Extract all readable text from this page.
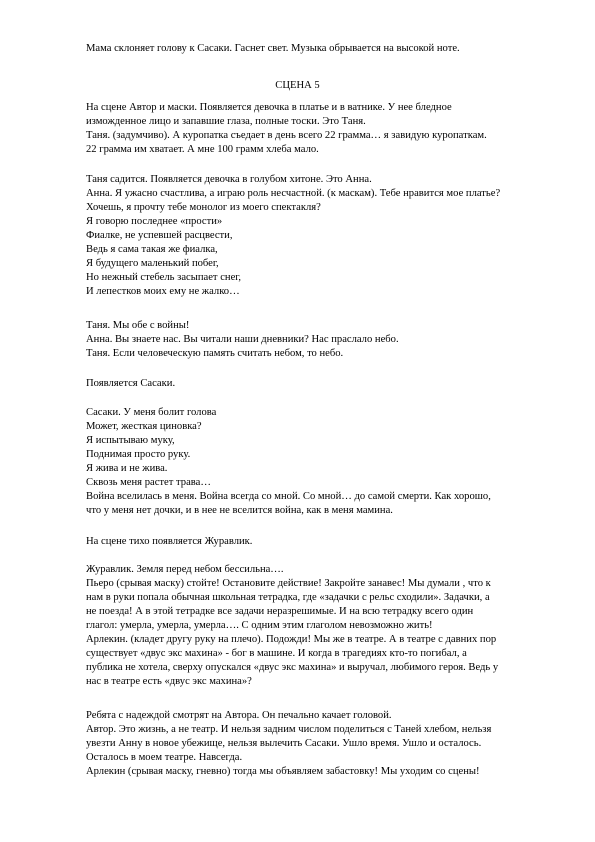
Мама склоняет голову к Сасаки. Гаснет свет. Музыка обрывается на высокой ноте.
СЦЕНА 5
На сцене Автор и маски. Появляется девочка в платье и в ватнике. У нее бледное
изможденное лицо и запавшие глаза, полные тоски. Это Таня.
Таня. (задумчиво). А куропатка съедает в день всего 22 грамма… я завидую куропаткам.
22 грамма им хватает. А мне 100 грамм хлеба мало.
Таня садится. Появляется девочка в голубом хитоне. Это Анна.
Анна. Я ужасно счастлива, а играю роль несчастной. (к маскам). Тебе нравится мое платье?
Хочешь, я прочту тебе монолог из моего спектакля?
Я говорю последнее «прости»
Фиалке, не успевшей расцвести,
Ведь я сама такая же фиалка,
Я будущего маленький побег,
Но нежный стебель засыпает снег,
И лепестков моих ему не жалко…
Таня. Мы обе с войны!
Анна. Вы знаете нас. Вы читали наши дневники? Нас праслало небо.
Таня. Если человеческую память считать небом, то небо.
Появляется Сасаки.
Сасаки. У меня болит голова
Может, жесткая циновка?
Я испытываю муку,
Поднимая просто руку.
Я жива и не жива.
Сквозь меня растет трава…
Война вселилась в меня. Война всегда со мной. Со мной… до самой смерти. Как хорошо,
что у меня нет дочки, и в нее не вселится война, как в меня мамина.
На сцене тихо появляется Журавлик.
Журавлик. Земля перед небом бессильна….
Пьеро (срывая маску) стойте! Остановите действие! Закройте занавес! Мы думали , что к
нам в руки попала обычная школьная тетрадка, где «задачки с рельс сходили». Задачки, а
не поезда! А в этой тетрадке все задачи неразрешимые. И на всю тетрадку всего один
глагол: умерла, умерла, умерла…. С одним этим глаголом невозможно жить!
Арлекин. (кладет другу руку на плечо). Подожди! Мы же в театре. А в театре с давних пор
существует «двус экс махина» - бог в машине. И когда в трагедиях кто-то погибал, а
публика не хотела, сверху опускался «двус экс махина» и выручал, любимого героя. Ведь у
нас в театре есть «двус экс махина»?
Ребята с надеждой смотрят на Автора. Он печально качает головой.
Автор. Это жизнь, а не театр. И нельзя задним числом поделиться с Таней хлебом, нельзя
увезти Анну в новое убежище, нельзя вылечить Сасаки. Ушло время. Ушло и осталось.
Осталось в моем театре. Навсегда.
Арлекин (срывая маску, гневно) тогда мы объявляем забастовку! Мы уходим со сцены!
